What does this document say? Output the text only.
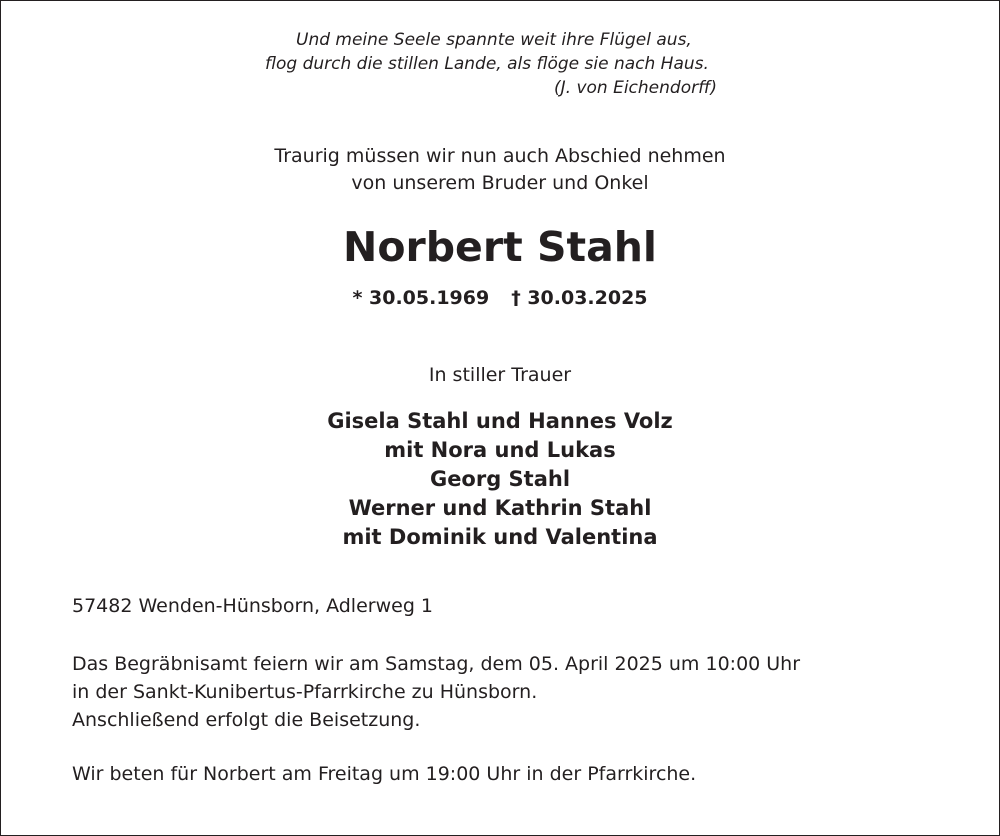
Und meine Seele spannte weit ihre Flügel aus,

flog durch die stillen Lande, als flöge sie nach Haus.

(J. von Eichendorff)

Traurig müssen wir nun auch Abschied nehmen

von unserem Bruder und Onkel

Norbert Stahl

* 30.05.1969 † 30.03.2025

In stiller Trauer

Gisela Stahl und Hannes Volz

mit Nora und Lukas

Georg Stahl

Werner und Kathrin Stahl

mit Dominik und Valentina

57482 Wenden-Hünsborn, Adlerweg 1

Das Begräbnisamt feiern wir am Samstag, dem 05. April 2025 um 10:00 Uhr

in der Sankt-Kunibertus-Pfarrkirche zu Hünsborn.

Anschließend erfolgt die Beisetzung.

Wir beten für Norbert am Freitag um 19:00 Uhr in der Pfarrkirche.
